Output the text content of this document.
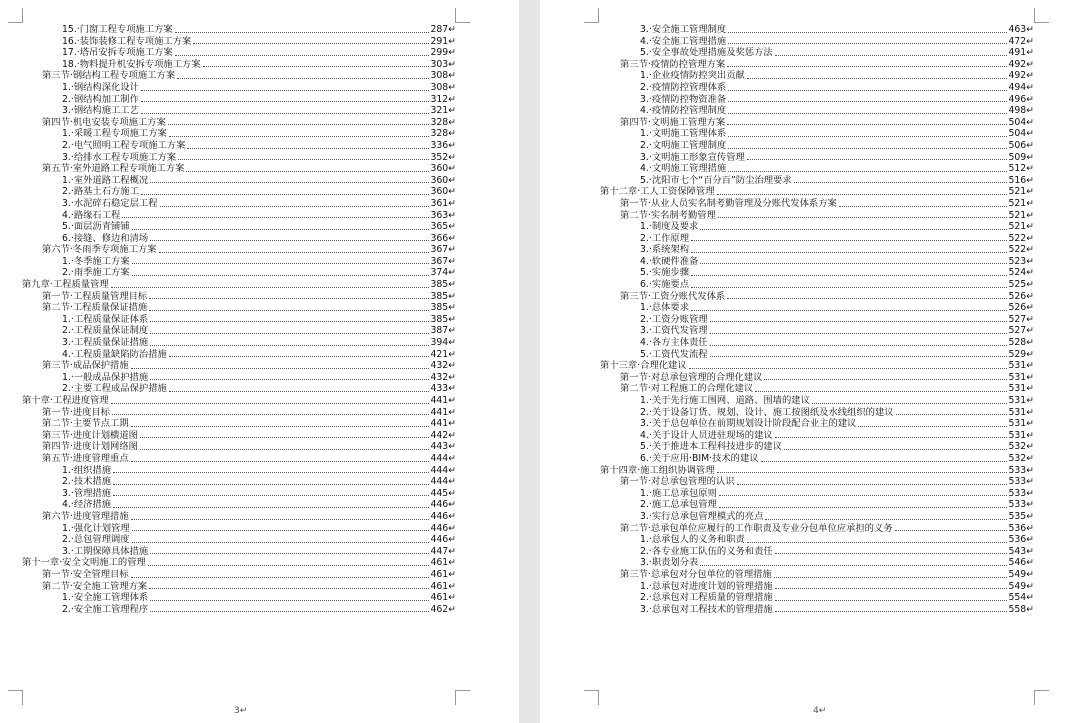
15.·门窗工程专项施工方案	287↵
16.·装饰装修工程专项施工方案	291↵
17.·塔吊安拆专项施工方案	299↵
18.·物料提升机安拆专项施工方案	303↵
第三节·钢结构工程专项施工方案	308↵
1.·钢结构深化设计	308↵
2.·钢结构加工制作	312↵
3.·钢结构施工工艺	321↵
第四节·机电安装专项施工方案	328↵
1.·采暖工程专项施工方案	328↵
2.·电气照明工程专项施工方案	336↵
3.·给排水工程专项施工方案	352↵
第五节·室外道路工程专项施工方案	360↵
1.·室外道路工程概况	360↵
2.·路基土石方施工	360↵
3.·水泥碎石稳定层工程	361↵
4.·路缘石工程	363↵
5.·面层沥青铺铺	365↵
6.·接缝、修边和清场	366↵
第六节·冬雨季专项施工方案	367↵
1.·冬季施工方案	367↵
2.·雨季施工方案	374↵
第九章·工程质量管理	385↵
第一节·工程质量管理目标	385↵
第二节·工程质量保证措施	385↵
1.·工程质量保证体系	385↵
2.·工程质量保证制度	387↵
3.·工程质量保证措施	394↵
4.·工程质量缺陷防治措施	421↵
第三节·成品保护措施	432↵
1.·一般成品保护措施	432↵
2.·主要工程成品保护措施	433↵
第十章·工程进度管理	441↵
第一节·进度目标	441↵
第二节·主要节点工期	441↵
第三节·进度计划横道图	442↵
第四节·进度计划网络图	443↵
第五节·进度管理重点	444↵
1.·组织措施	444↵
2.·技术措施	444↵
3.·管理措施	445↵
4.·经济措施	446↵
第六节·进度管理措施	446↵
1.·强化计划管理	446↵
2.·总包管理调度	446↵
3.·工期保障具体措施	447↵
第十一章·安全文明施工的管理	461↵
第一节·安全管理目标	461↵
第二节·安全施工管理方案	461↵
1.·安全施工管理体系	461↵
2.·安全施工管理程序	462↵
3↵
3.·安全施工管理制度	463↵
4.·安全施工管理措施	472↵
5.·安全事故处理措施及奖惩方法	491↵
第三节·疫情防控管理方案	492↵
1.·企业疫情防控突出贡献	492↵
2.·疫情防控管理体系	494↵
3.·疫情防控物资准备	496↵
4.·疫情防控管理制度	498↵
第四节·文明施工管理方案	504↵
1.·文明施工管理体系	504↵
2.·文明施工管理制度	506↵
3.·文明施工形象宣传管理	509↵
4.·文明施工管理措施	512↵
5.·沈阳市七个“百分百”防尘治理要求	516↵
第十二章·工人工资保障管理	521↵
第一节·从业人员实名制考勤管理及分账代发体系方案	521↵
第二节·实名制考勤管理	521↵
1.·制度及要求	521↵
2.·工作原理	522↵
3.·系统架构	522↵
4.·软硬件准备	523↵
5.·实施步骤	524↵
6.·实施要点	525↵
第三节·工资分账代发体系	526↵
1.·总体要求	526↵
2.·工资分账管理	527↵
3.·工资代发管理	527↵
4.·各方主体责任	528↵
5.·工资代发流程	529↵
第十三章·合理化建议	531↵
第一节·对总承包管理的合理化建议	531↵
第二节·对工程施工的合理化建议	531↵
1.·关于先行施工围网、道路、围墙的建议	531↵
2.·关于设备订货、规划、设计、施工按图纸及水线组织的建议	531↵
3.·关于总包单位在前期规划设计阶段配合业主的建议	531↵
4.·关于设计人员进驻现场的建议	531↵
5.·关于推进本工程科技进步的建议	532↵
6.·关于应用·BIM·技术的建议	532↵
第十四章·施工组织协调管理	533↵
第一节·对总承包管理的认识	533↵
1.·施工总承包原则	533↵
2.·施工总承包管理	533↵
3.·实行总承包管理模式的亮点	535↵
第二节·总承包单位应履行的工作职责及专业分包单位应承担的义务	536↵
1.·总承包人的义务和职责	536↵
2.·各专业施工队伍的义务和责任	543↵
3.·职责划分表	546↵
第三节·总承包对分包单位的管理措施	549↵
1.·总承包对进度计划的管理措施	549↵
2.·总承包对工程质量的管理措施	554↵
3.·总承包对工程技术的管理措施	558↵
4↵
